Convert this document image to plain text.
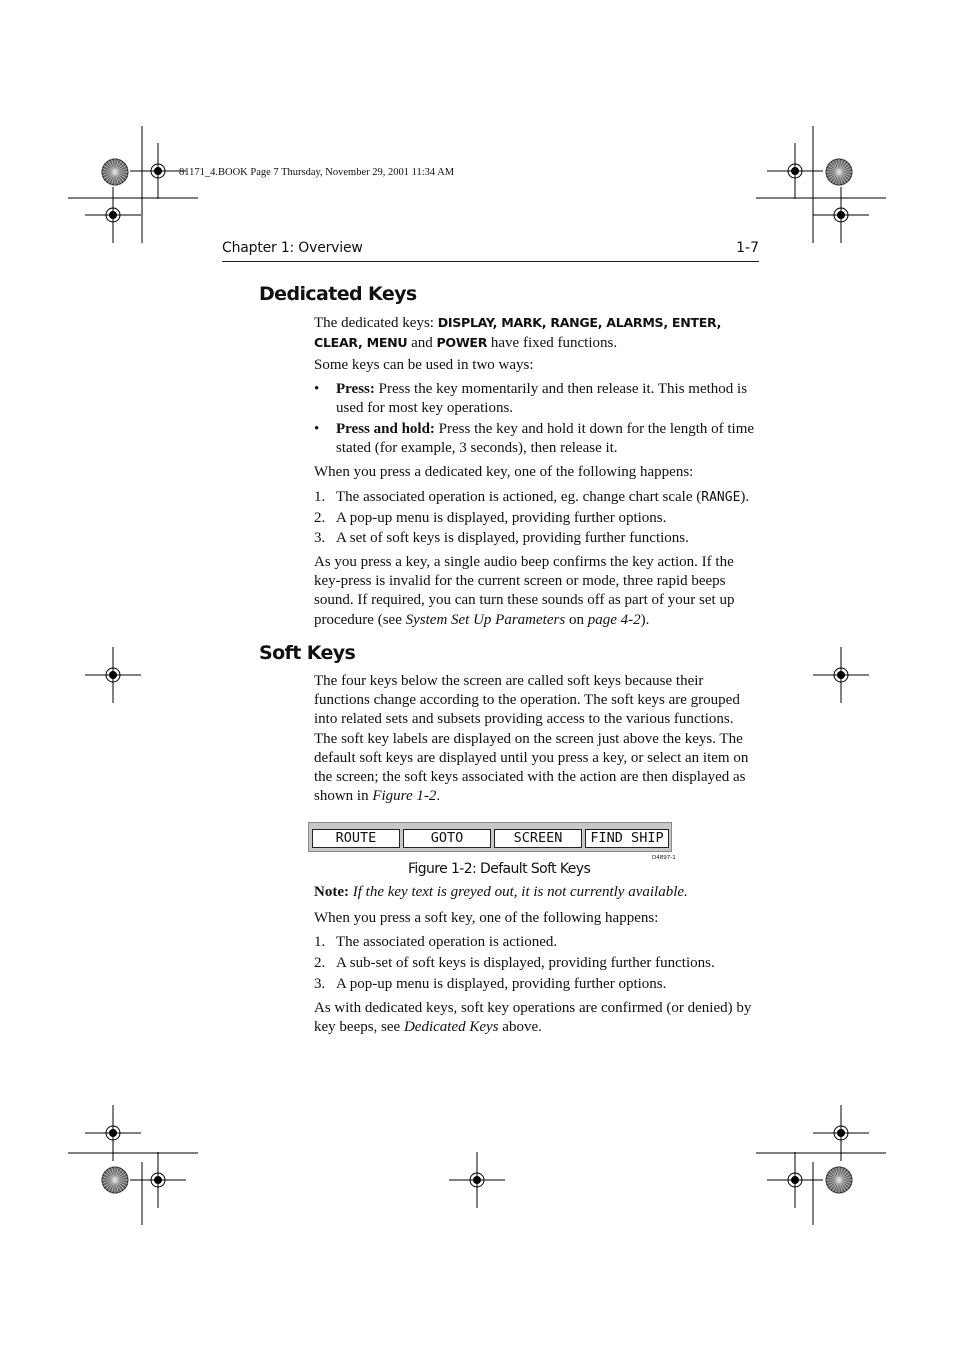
81171_4.BOOK Page 7 Thursday, November 29, 2001 11:34 AM
Chapter 1: Overview	1-7
Dedicated Keys

The dedicated keys: DISPLAY, MARK, RANGE, ALARMS, ENTER,
CLEAR, MENU and POWER have fixed functions.

Some keys can be used in two ways:

• Press: Press the key momentarily and then release it. This method is used for most key operations.
• Press and hold: Press the key and hold it down for the length of time stated (for example, 3 seconds), then release it.

When you press a dedicated key, one of the following happens:

1. The associated operation is actioned, eg. change chart scale (RANGE).
2. A pop-up menu is displayed, providing further options.
3. A set of soft keys is displayed, providing further functions.

As you press a key, a single audio beep confirms the key action. If the key-press is invalid for the current screen or mode, three rapid beeps sound. If required, you can turn these sounds off as part of your set up procedure (see System Set Up Parameters on page 4-2).

Soft Keys

The four keys below the screen are called soft keys because their functions change according to the operation. The soft keys are grouped into related sets and subsets providing access to the various functions. The soft key labels are displayed on the screen just above the keys. The default soft keys are displayed until you press a key, or select an item on the screen; the soft keys associated with the action are then displayed as shown in Figure 1-2.

ROUTE	GOTO	SCREEN	FIND SHIP
D4897-1
Figure 1-2: Default Soft Keys

Note: If the key text is greyed out, it is not currently available.

When you press a soft key, one of the following happens:

1. The associated operation is actioned.
2. A sub-set of soft keys is displayed, providing further functions.
3. A pop-up menu is displayed, providing further options.

As with dedicated keys, soft key operations are confirmed (or denied) by key beeps, see Dedicated Keys above.
